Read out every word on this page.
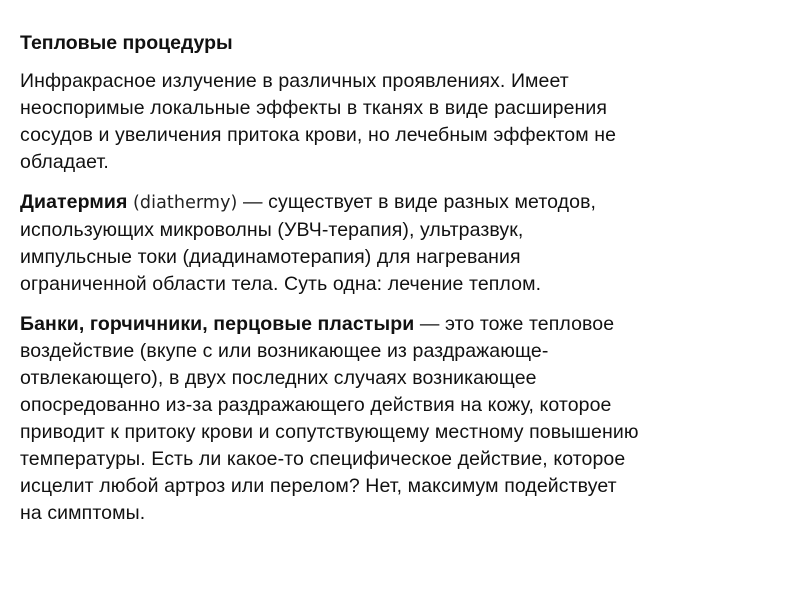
Тепловые процедуры
Инфракрасное излучение в различных проявлениях. Имеет
неоспоримые локальные эффекты в тканях в виде расширения
сосудов и увеличения притока крови, но лечебным эффектом не
обладает.
Диатермия (diathermy) — существует в виде разных методов,
использующих микроволны (УВЧ-терапия), ультразвук,
импульсные токи (диадинамотерапия) для нагревания
ограниченной области тела. Суть одна: лечение теплом.
Банки, горчичники, перцовые пластыри — это тоже тепловое
воздействие (вкупе с или возникающее из раздражающе-
отвлекающего), в двух последних случаях возникающее
опосредованно из-за раздражающего действия на кожу, которое
приводит к притоку крови и сопутствующему местному повышению
температуры. Есть ли какое-то специфическое действие, которое
исцелит любой артроз или перелом? Нет, максимум подействует
на симптомы.
